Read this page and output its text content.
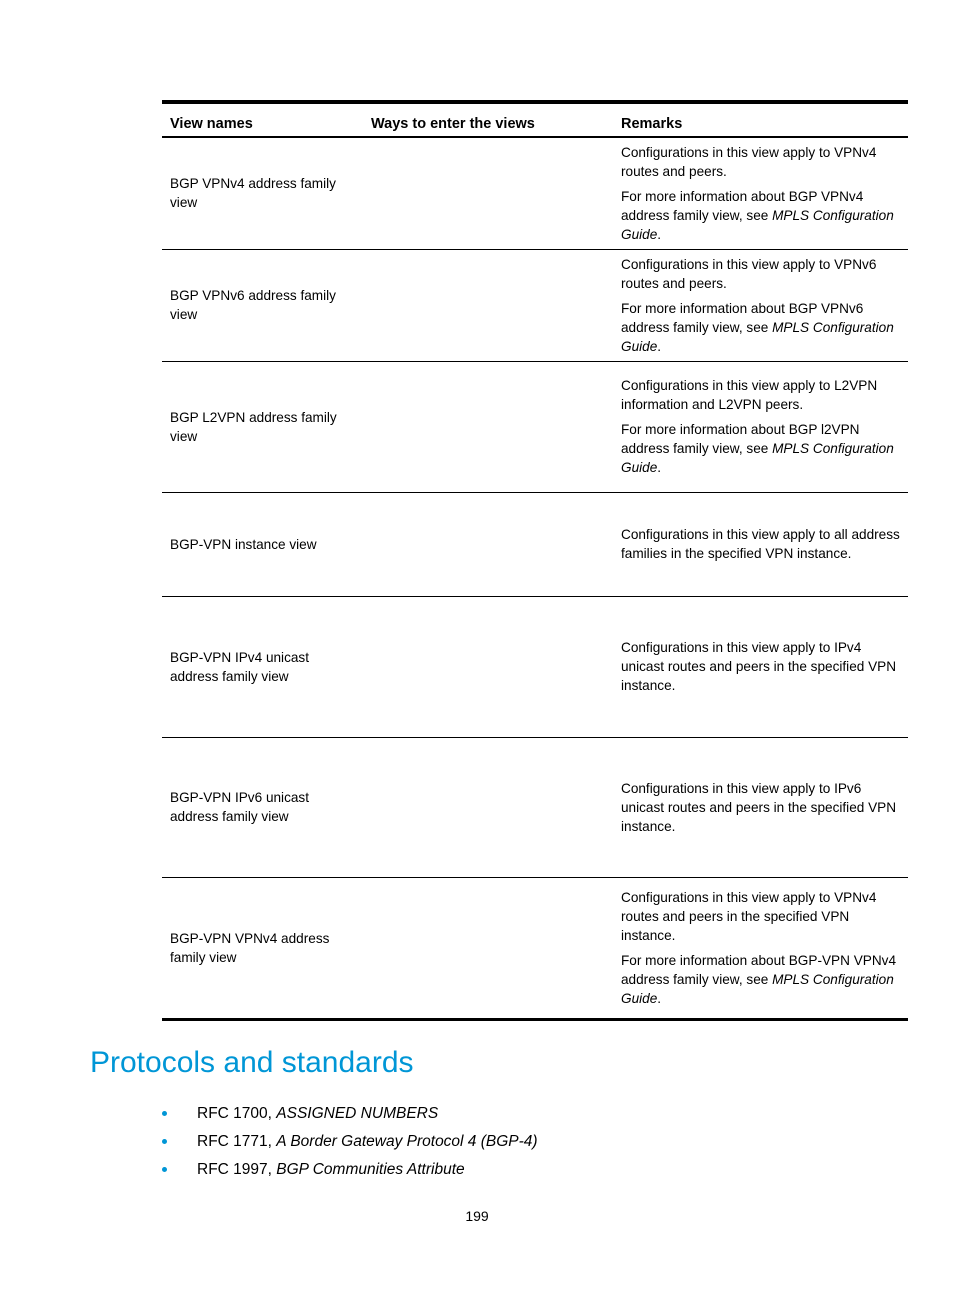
View names	Ways to enter the views	Remarks
BGP VPNv4 address family view		Configurations in this view apply to VPNv4 routes and peers.

For more information about BGP VPNv4 address family view, see MPLS Configuration Guide.

BGP VPNv6 address family view		Configurations in this view apply to VPNv6 routes and peers.

For more information about BGP VPNv6 address family view, see MPLS Configuration Guide.

BGP L2VPN address family view		Configurations in this view apply to L2VPN information and L2VPN peers.

For more information about BGP l2VPN address family view, see MPLS Configuration Guide.

BGP-VPN instance view		Configurations in this view apply to all address families in the specified VPN instance.

BGP-VPN IPv4 unicast address family view		Configurations in this view apply to IPv4 unicast routes and peers in the specified VPN instance.

BGP-VPN IPv6 unicast address family view		Configurations in this view apply to IPv6 unicast routes and peers in the specified VPN instance.

BGP-VPN VPNv4 address family view		Configurations in this view apply to VPNv4 routes and peers in the specified VPN instance.

For more information about BGP-VPN VPNv4 address family view, see MPLS Configuration Guide.

Protocols and standards
RFC 1700, ASSIGNED NUMBERS
RFC 1771, A Border Gateway Protocol 4 (BGP-4)
RFC 1997, BGP Communities Attribute
199
